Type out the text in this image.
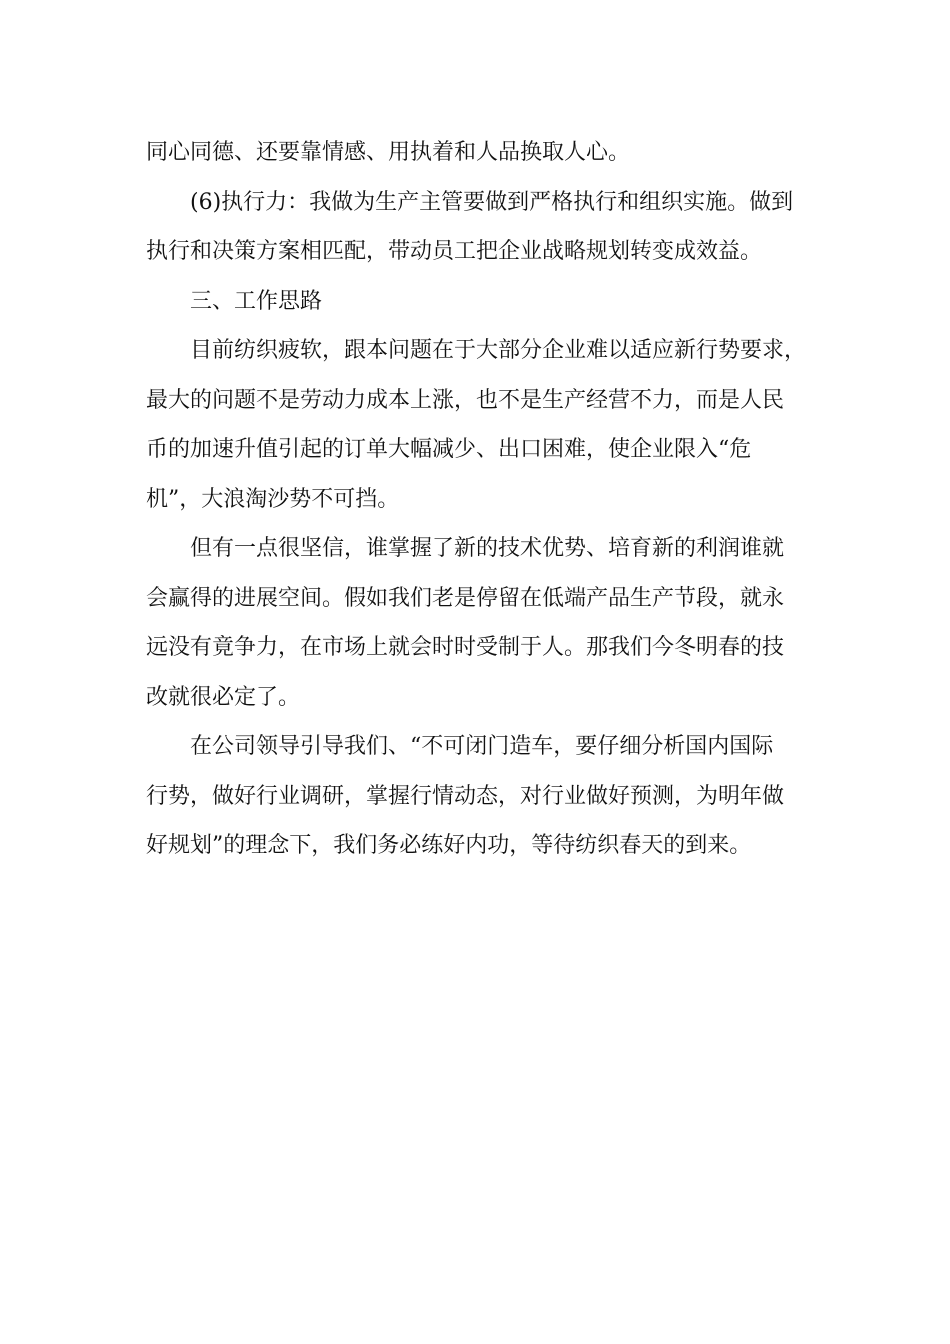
同心同德、还要靠情感、用执着和人品换取人心。
(6)执行力：我做为生产主管要做到严格执行和组织实施。做到
执行和决策方案相匹配，带动员工把企业战略规划转变成效益。
三、工作思路
目前纺织疲软，跟本问题在于大部分企业难以适应新行势要求，
最大的问题不是劳动力成本上涨，也不是生产经营不力，而是人民
币的加速升值引起的订单大幅减少、出口困难，使企业限入“危
机”，大浪淘沙势不可挡。
但有一点很坚信，谁掌握了新的技术优势、培育新的利润谁就
会赢得的进展空间。假如我们老是停留在低端产品生产节段，就永
远没有竟争力，在市场上就会时时受制于人。那我们今冬明春的技
改就很必定了。
在公司领导引导我们、“不可闭门造车，要仔细分析国内国际
行势，做好行业调研，掌握行情动态，对行业做好预测，为明年做
好规划”的理念下，我们务必练好内功，等待纺织春天的到来。
